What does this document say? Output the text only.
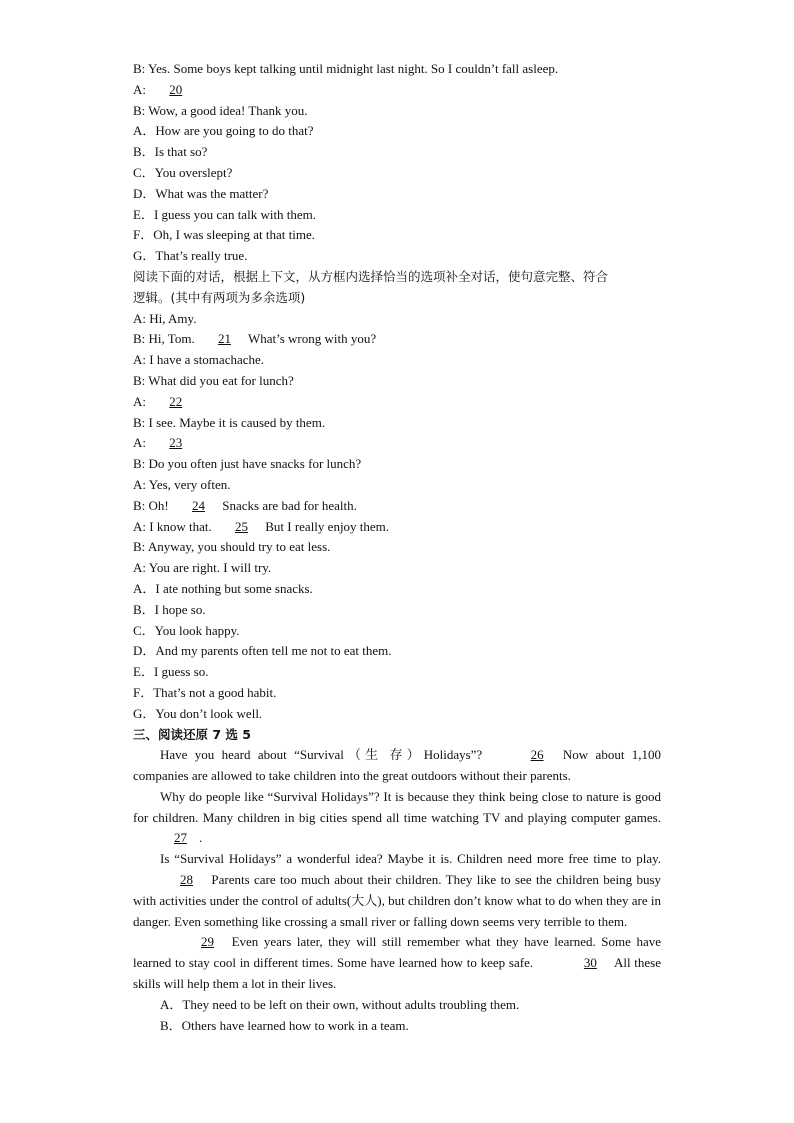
B: Yes. Some boys kept talking until midnight last night. So I couldn’t fall asleep.
A: 20
B: Wow, a good idea! Thank you.
A．How are you going to do that?
B．Is that so?
C．You overslept?
D．What was the matter?
E．I guess you can talk with them.
F．Oh, I was sleeping at that time.
G．That’s really true.
阅读下面的对话，根据上下文，从方框内选择恰当的选项补全对话，使句意完整、符合
逻辑。(其中有两项为多余选项)
A: Hi, Amy.
B: Hi, Tom. 21 What’s wrong with you?
A: I have a stomachache.
B: What did you eat for lunch?
A: 22
B: I see. Maybe it is caused by them.
A: 23
B: Do you often just have snacks for lunch?
A: Yes, very often.
B: Oh! 24 Snacks are bad for health.
A: I know that. 25 But I really enjoy them.
B: Anyway, you should try to eat less.
A: You are right. I will try.
A．I ate nothing but some snacks.
B．I hope so.
C．You look happy.
D．And my parents often tell me not to eat them.
E．I guess so.
F．That’s not a good habit.
G．You don’t look well.
三、阅读还原 7 选 5
Have you heard about “Survival（生 存）Holidays”?	26 Now about 1,100
companies are allowed to take children into the great outdoors without their parents.
Why do people like “Survival Holidays”? It is because they think being close to nature is good for children. Many children in big cities spend all time watching TV and playing computer games. 27 .
Is “Survival Holidays” a wonderful idea? Maybe it is. Children need more free time to play. 28 Parents care too much about their children. They like to see the children being busy with activities under the control of adults(大人), but children don’t know what to do when they are in danger. Even something like crossing a small river or falling down seems very terrible to them.
29 Even years later, they will still remember what they have learned. Some have learned to stay cool in different times. Some have learned how to keep safe.	30 All these skills will help them a lot in their lives.
A．They need to be left on their own, without adults troubling them.
B．Others have learned how to work in a team.
